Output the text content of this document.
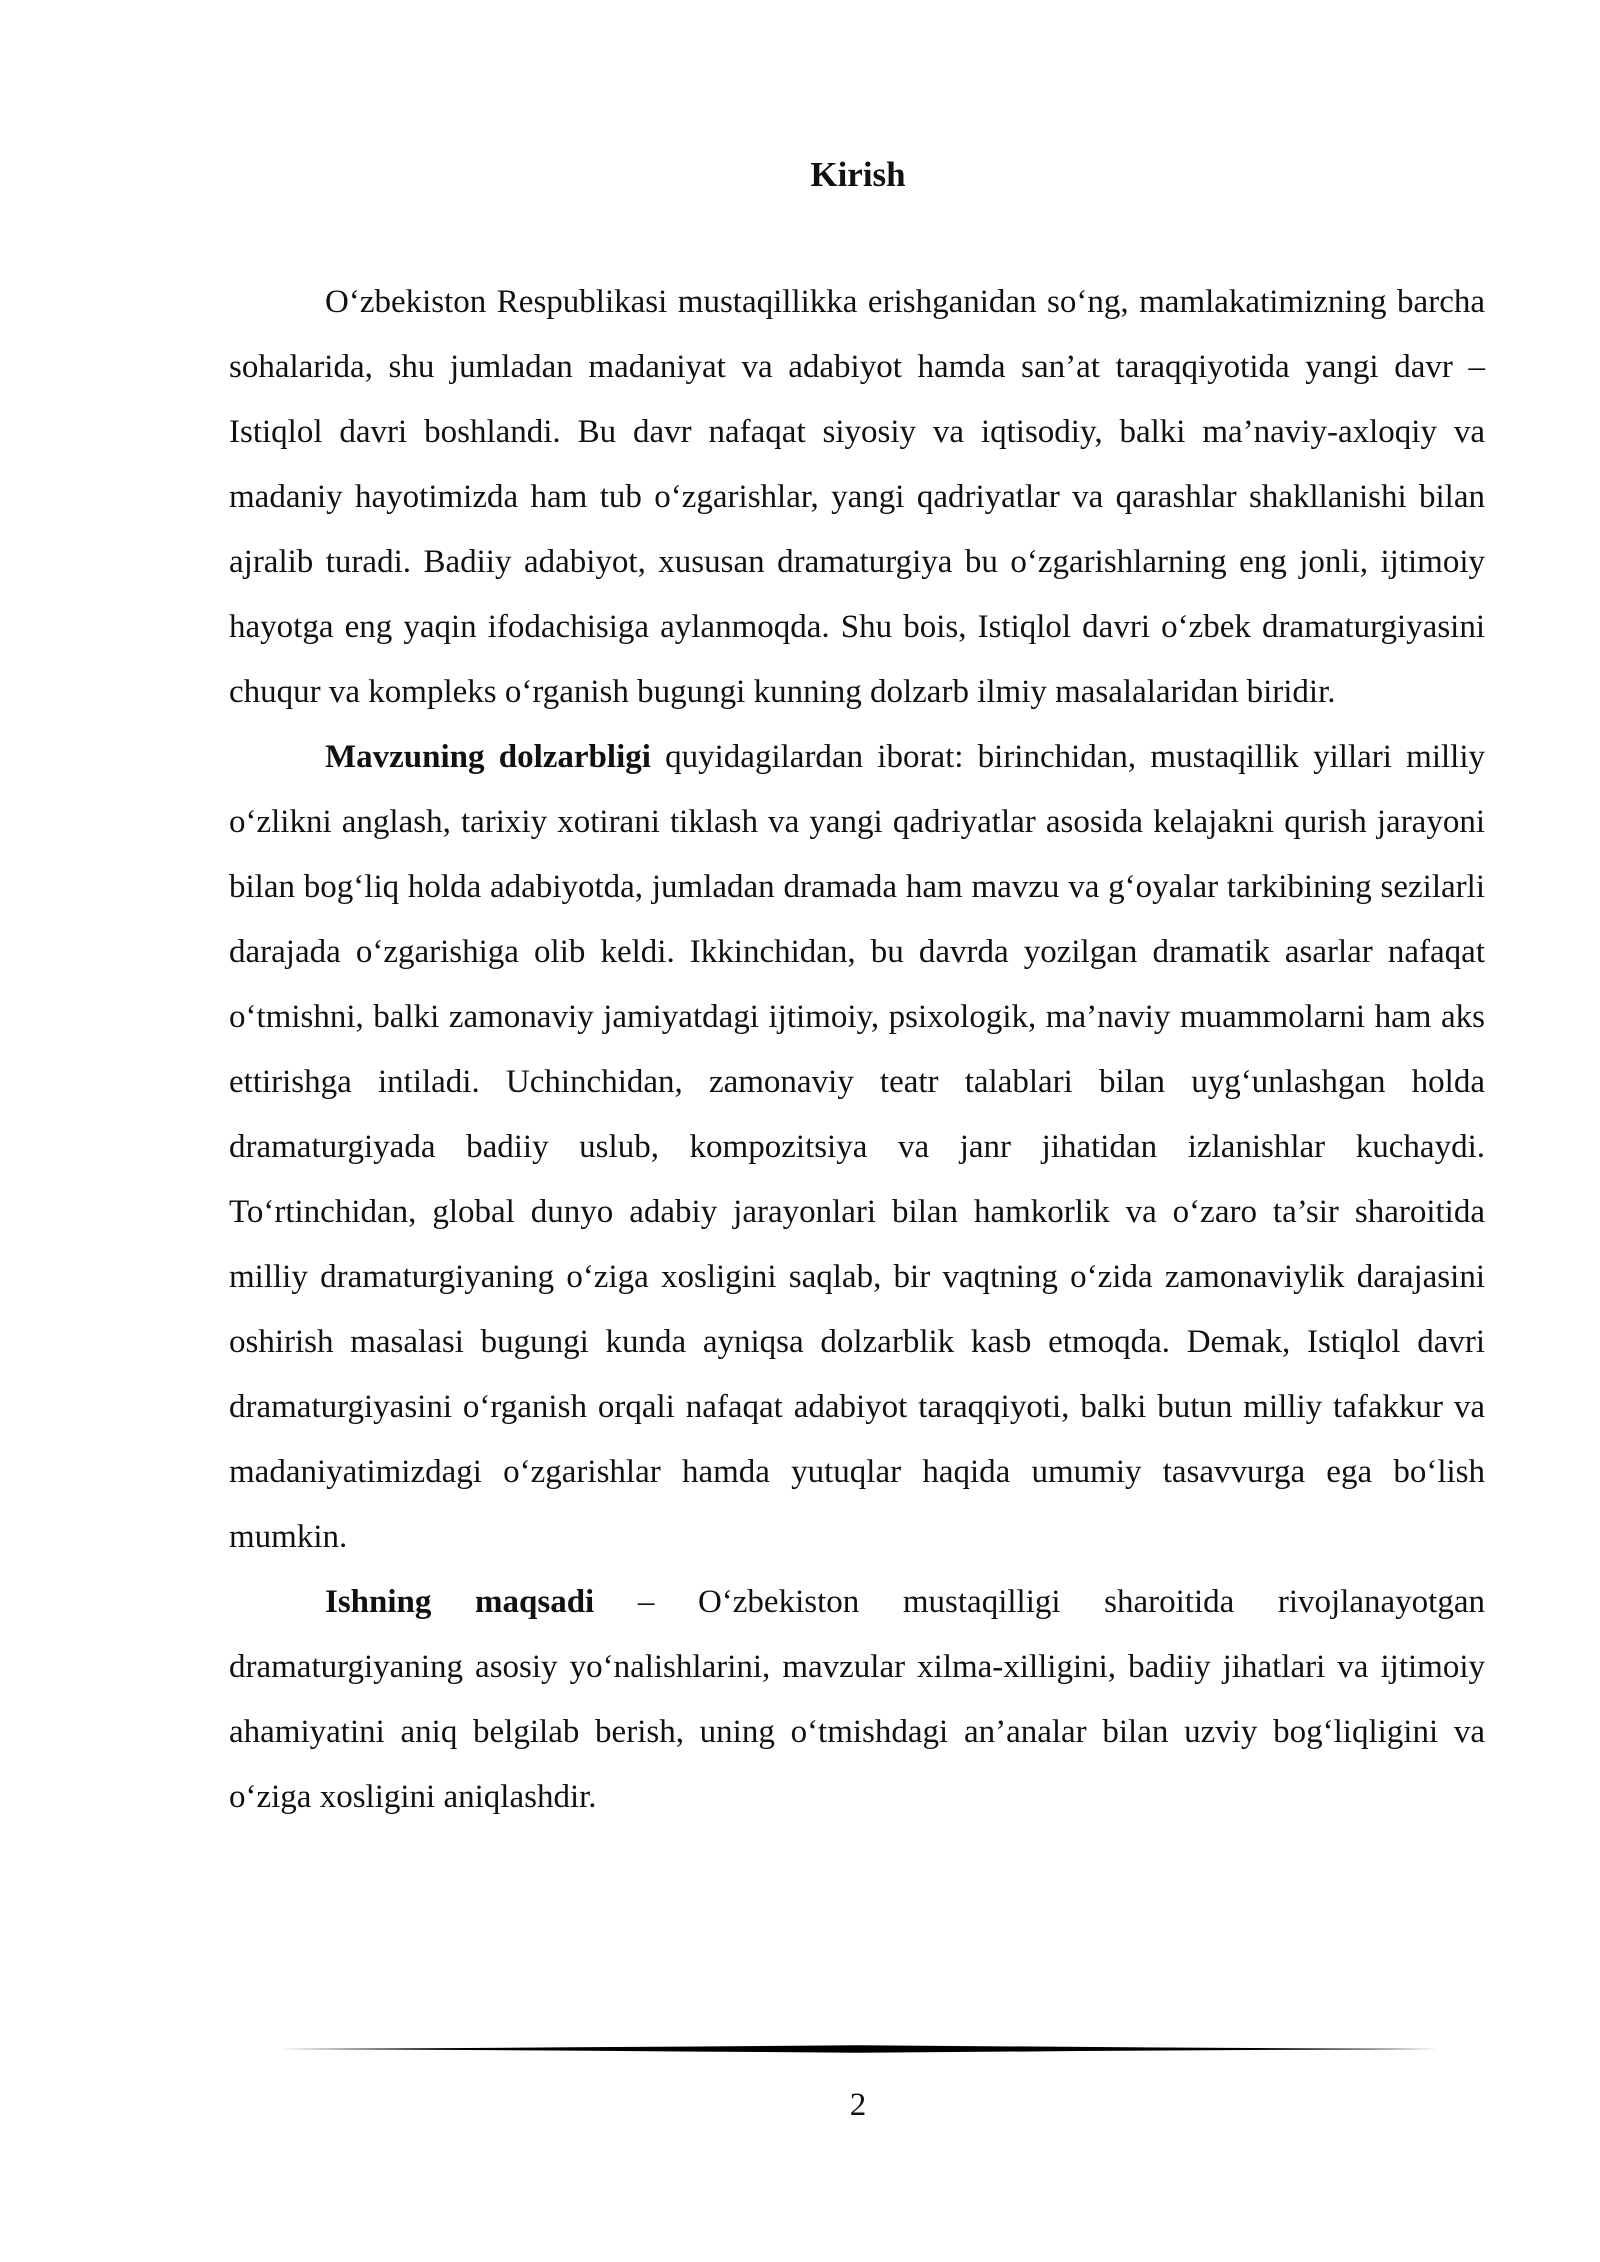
Kirish

O‘zbekiston Respublikasi mustaqillikka erishganidan so‘ng, mamlakatimizning barcha sohalarida, shu jumladan madaniyat va adabiyot hamda san’at taraqqiyotida yangi davr – Istiqlol davri boshlandi. Bu davr nafaqat siyosiy va iqtisodiy, balki ma’naviy-axloqiy va madaniy hayotimizda ham tub o‘zgarishlar, yangi qadriyatlar va qarashlar shakllanishi bilan ajralib turadi. Badiiy adabiyot, xususan dramaturgiya bu o‘zgarishlarning eng jonli, ijtimoiy hayotga eng yaqin ifodachisiga aylanmoqda. Shu bois, Istiqlol davri o‘zbek dramaturgiyasini chuqur va kompleks o‘rganish bugungi kunning dolzarb ilmiy masalalaridan biridir.

Mavzuning dolzarbligi quyidagilardan iborat: birinchidan, mustaqillik yillari milliy o‘zlikni anglash, tarixiy xotirani tiklash va yangi qadriyatlar asosida kelajakni qurish jarayoni bilan bog‘liq holda adabiyotda, jumladan dramada ham mavzu va g‘oyalar tarkibining sezilarli darajada o‘zgarishiga olib keldi. Ikkinchidan, bu davrda yozilgan dramatik asarlar nafaqat o‘tmishni, balki zamonaviy jamiyatdagi ijtimoiy, psixologik, ma’naviy muammolarni ham aks ettirishga intiladi. Uchinchidan, zamonaviy teatr talablari bilan uyg‘unlashgan holda dramaturgiyada badiiy uslub, kompozitsiya va janr jihatidan izlanishlar kuchaydi. To‘rtinchidan, global dunyo adabiy jarayonlari bilan hamkorlik va o‘zaro ta’sir sharoitida milliy dramaturgiyaning o‘ziga xosligini saqlab, bir vaqtning o‘zida zamonaviylik darajasini oshirish masalasi bugungi kunda ayniqsa dolzarblik kasb etmoqda. Demak, Istiqlol davri dramaturgiyasini o‘rganish orqali nafaqat adabiyot taraqqiyoti, balki butun milliy tafakkur va madaniyatimizdagi o‘zgarishlar hamda yutuqlar haqida umumiy tasavvurga ega bo‘lish mumkin.

Ishning maqsadi – O‘zbekiston mustaqilligi sharoitida rivojlanayotgan dramaturgiyaning asosiy yo‘nalishlarini, mavzular xilma-xilligini, badiiy jihatlari va ijtimoiy ahamiyatini aniq belgilab berish, uning o‘tmishdagi an’analar bilan uzviy bog‘liqligini va o‘ziga xosligini aniqlashdir.

2
